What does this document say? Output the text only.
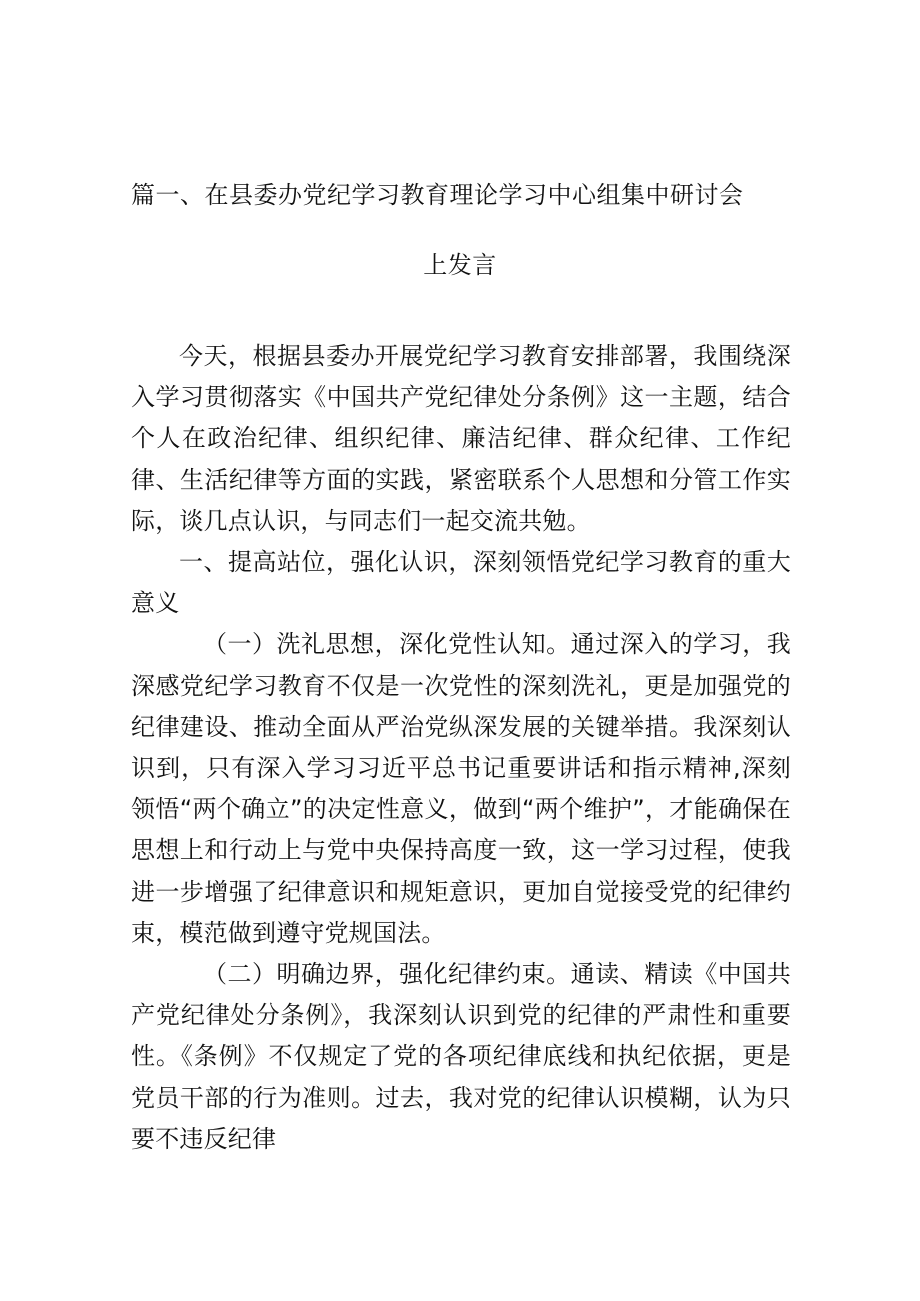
篇一、在县委办党纪学习教育理论学习中心组集中研讨会
上发言

今天，根据县委办开展党纪学习教育安排部署，我围绕深入学习贯彻落实《中国共产党纪律处分条例》这一主题，结合个人在政治纪律、组织纪律、廉洁纪律、群众纪律、工作纪律、生活纪律等方面的实践，紧密联系个人思想和分管工作实际，谈几点认识，与同志们一起交流共勉。

一、提高站位，强化认识，深刻领悟党纪学习教育的重大意义

（一）洗礼思想，深化党性认知。通过深入的学习，我深感党纪学习教育不仅是一次党性的深刻洗礼，更是加强党的纪律建设、推动全面从严治党纵深发展的关键举措。我深刻认识到，只有深入学习习近平总书记重要讲话和指示精神,深刻领悟“两个确立”的决定性意义，做到“两个维护”，才能确保在思想上和行动上与党中央保持高度一致，这一学习过程，使我进一步增强了纪律意识和规矩意识，更加自觉接受党的纪律约束，模范做到遵守党规国法。

（二）明确边界，强化纪律约束。通读、精读《中国共产党纪律处分条例》，我深刻认识到党的纪律的严肃性和重要性。《条例》不仅规定了党的各项纪律底线和执纪依据，更是党员干部的行为准则。过去，我对党的纪律认识模糊，认为只要不违反纪律
